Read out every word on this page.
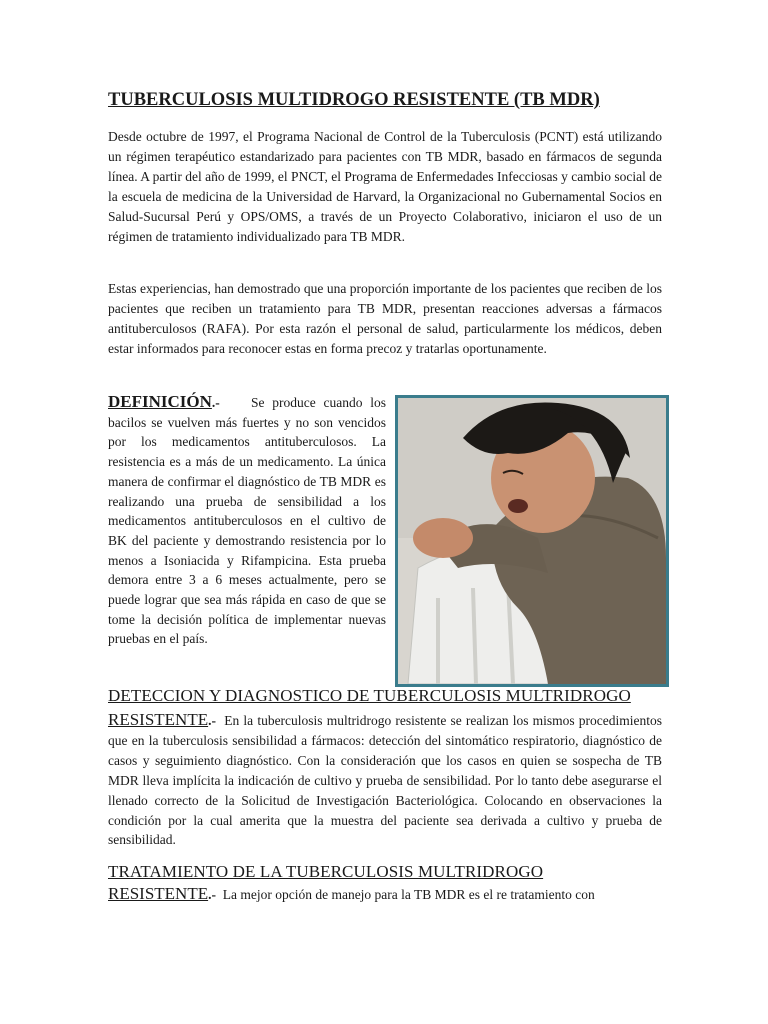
TUBERCULOSIS MULTIDROGO RESISTENTE (TB MDR)

Desde octubre de 1997, el Programa Nacional de Control de la Tuberculosis (PCNT) está utilizando un régimen terapéutico estandarizado para pacientes con TB MDR, basado en fármacos de segunda línea. A partir del año de 1999, el PNCT, el Programa de Enfermedades Infecciosas y cambio social de la escuela de medicina de la Universidad de Harvard, la Organizacional no Gubernamental Socios en Salud-Sucursal Perú y OPS/OMS, a través de un Proyecto Colaborativo, iniciaron el uso de un régimen de tratamiento individualizado para TB MDR.

Estas experiencias, han demostrado que una proporción importante de los pacientes que reciben de los pacientes que reciben un tratamiento para TB MDR, presentan reacciones adversas a fármacos antituberculosos (RAFA). Por esta razón el personal de salud, particularmente los médicos, deben estar informados para reconocer estas en forma precoz y tratarlas oportunamente.

DEFINICIÓN.- Se produce cuando los bacilos se vuelven más fuertes y no son vencidos por los medicamentos antituberculosos. La resistencia es a más de un medicamento. La única manera de confirmar el diagnóstico de TB MDR es realizando una prueba de sensibilidad a los medicamentos antituberculosos en el cultivo de BK del paciente y demostrando resistencia por lo menos a Isoniacida y Rifampicina. Esta prueba demora entre 3 a 6 meses actualmente, pero se puede lograr que sea más rápida en caso de que se tome la decisión política de implementar nuevas pruebas en el país.

DETECCION Y DIAGNOSTICO DE TUBERCULOSIS MULTRIDROGO

RESISTENTE.- En la tuberculosis multridrogo resistente se realizan los mismos procedimientos que en la tuberculosis sensibilidad a fármacos: detección del sintomático respiratorio, diagnóstico de casos y seguimiento diagnóstico. Con la consideración que los casos en quien se sospecha de TB MDR lleva implícita la indicación de cultivo y prueba de sensibilidad. Por lo tanto debe asegurarse el llenado correcto de la Solicitud de Investigación Bacteriológica. Colocando en observaciones la condición por la cual amerita que la muestra del paciente sea derivada a cultivo y prueba de sensibilidad.

TRATAMIENTO DE LA TUBERCULOSIS MULTRIDROGO

RESISTENTE.- La mejor opción de manejo para la TB MDR es el re tratamiento con
